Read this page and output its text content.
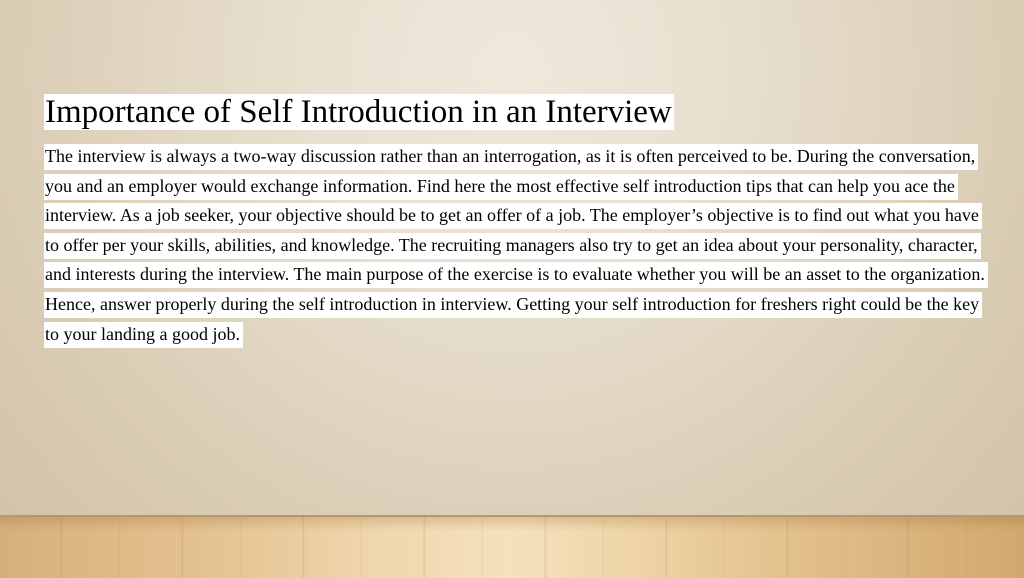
Importance of Self Introduction in an Interview

The interview is always a two-way discussion rather than an interrogation, as it is often perceived to be. During the conversation, you and an employer would exchange information. Find here the most effective self introduction tips that can help you ace the interview. As a job seeker, your objective should be to get an offer of a job. The employer’s objective is to find out what you have to offer per your skills, abilities, and knowledge. The recruiting managers also try to get an idea about your personality, character, and interests during the interview. The main purpose of the exercise is to evaluate whether you will be an asset to the organization. Hence, answer properly during the self introduction in interview. Getting your self introduction for freshers right could be the key to your landing a good job.
